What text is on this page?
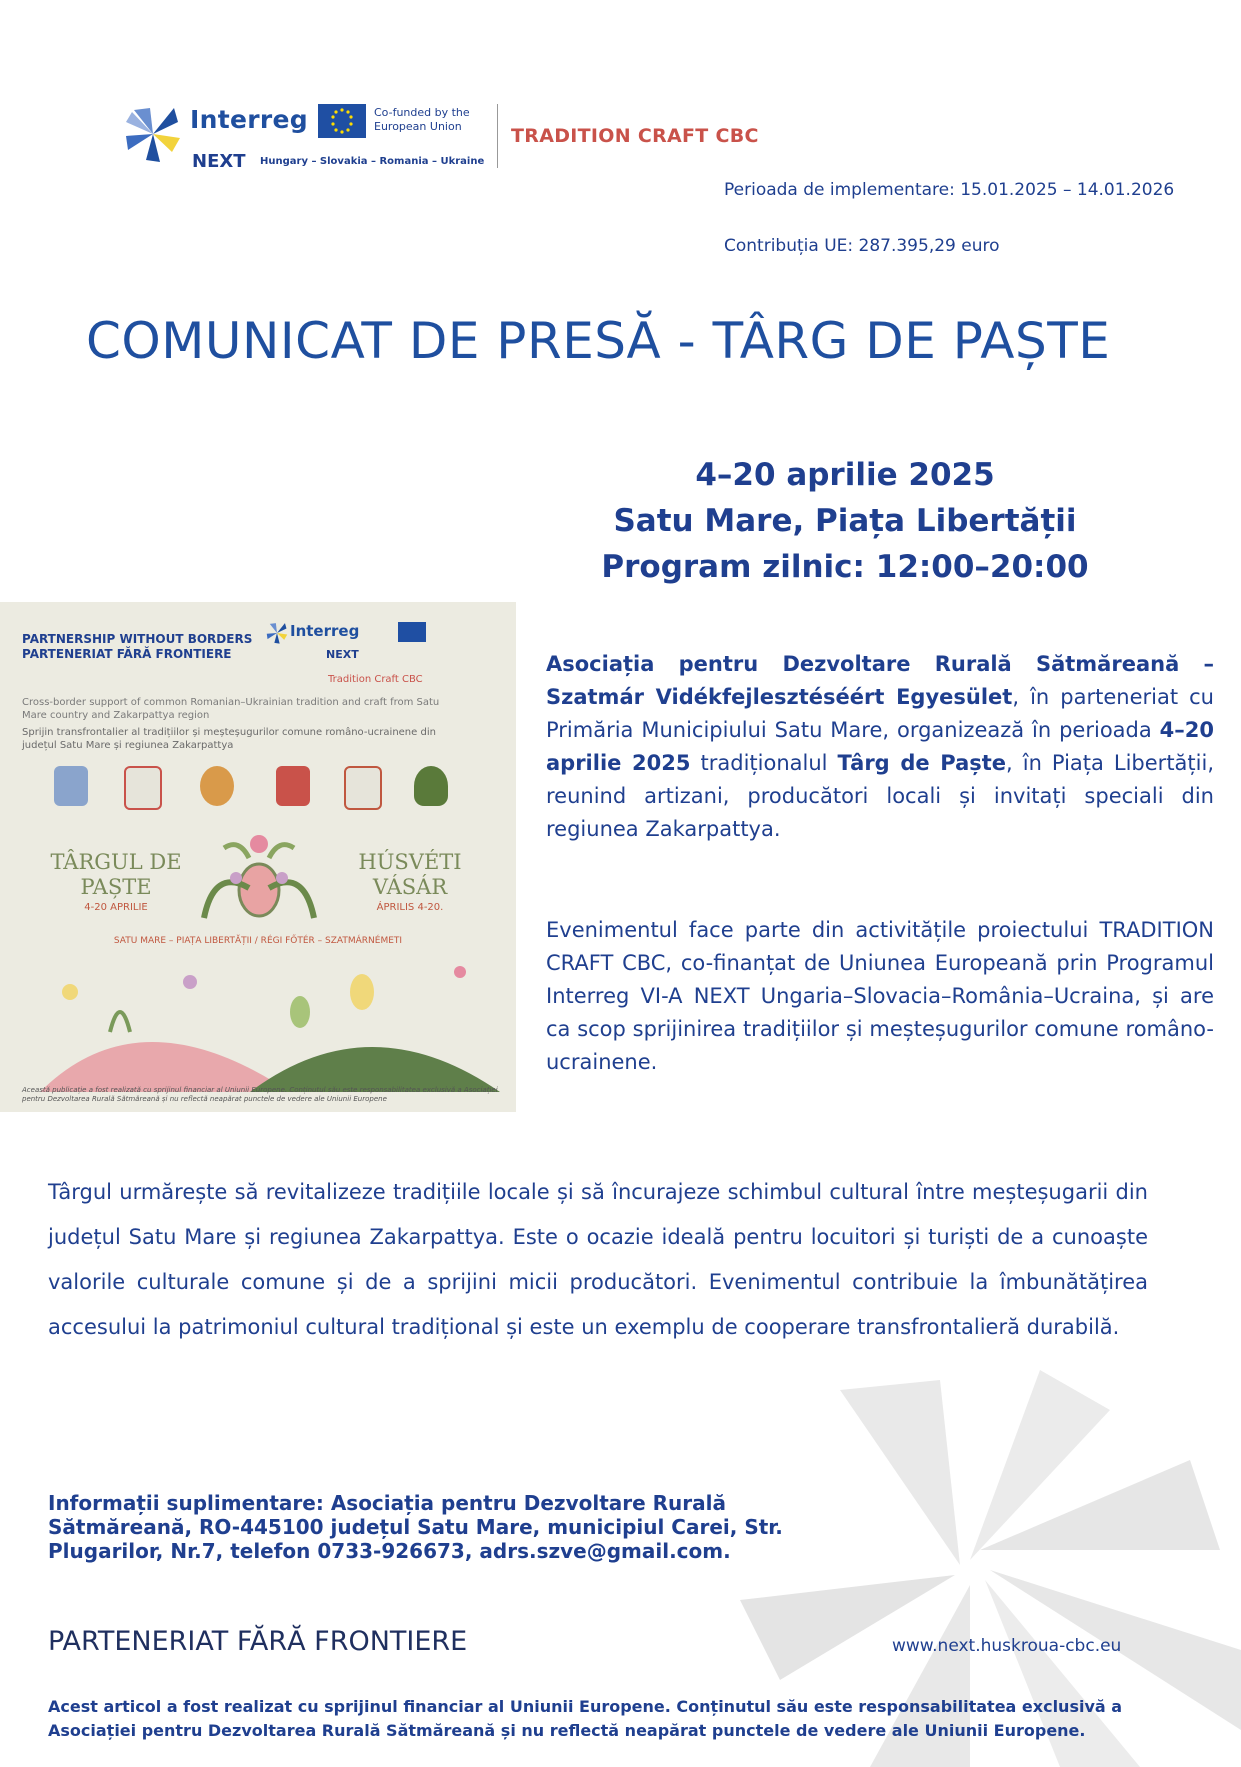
Interreg	Co-funded by the European Union
NEXT Hungary – Slovakia – Romania – Ukraine
TRADITION CRAFT CBC
Perioada de implementare: 15.01.2025 – 14.01.2026
Contribuția UE: 287.395,29 euro
COMUNICAT DE PRESĂ - TÂRG DE PAȘTE
4–20 aprilie 2025
Satu Mare, Piața Libertății
Program zilnic: 12:00–20:00
PARTNERSHIP WITHOUT BORDERS
PARTENERIAT FĂRĂ FRONTIERE
Interreg
NEXT
Tradition Craft CBC
Cross-border support of common Romanian–Ukrainian tradition and craft from Satu Mare country and Zakarpattya region
Sprijin transfrontalier al tradițiilor și meșteșugurilor comune româno-ucrainene din județul Satu Mare și regiunea Zakarpattya
TÂRGUL DE PAȘTE
4-20 APRILIE
HÚSVÉTI VÁSÁR
ÁPRILIS 4-20.
SATU MARE – PIAȚA LIBERTĂȚII / RÉGI FŐTÉR – SZATMÁRNÉMETI
Această publicație a fost realizată cu sprijinul financiar al Uniunii Europene. Conținutul său este responsabilitatea exclusivă a Asociației pentru Dezvoltarea Rurală Sătmăreană și nu reflectă neapărat punctele de vedere ale Uniunii Europene
Asociația pentru Dezvoltare Rurală Sătmăreană – Szatmár Vidékfejlesztéséért Egyesület, în parteneriat cu Primăria Municipiului Satu Mare, organizează în perioada 4–20 aprilie 2025 tradiționalul Târg de Paște, în Piața Libertății, reunind artizani, producători locali și invitați speciali din regiunea Zakarpattya.
Evenimentul face parte din activitățile proiectului TRADITION CRAFT CBC, co-finanțat de Uniunea Europeană prin Programul Interreg VI-A NEXT Ungaria–Slovacia–România–Ucraina, și are ca scop sprijinirea tradițiilor și meșteșugurilor comune româno-ucrainene.
Târgul urmărește să revitalizeze tradițiile locale și să încurajeze schimbul cultural între meșteșugarii din județul Satu Mare și regiunea Zakarpattya. Este o ocazie ideală pentru locuitori și turiști de a cunoaște valorile culturale comune și de a sprijini micii producători. Evenimentul contribuie la îmbunătățirea accesului la patrimoniul cultural tradițional și este un exemplu de cooperare transfrontalieră durabilă.
Informații suplimentare: Asociația pentru Dezvoltare Rurală Sătmăreană, RO-445100 județul Satu Mare, municipiul Carei, Str. Plugarilor, Nr.7, telefon 0733-926673, adrs.szve@gmail.com.
PARTENERIAT FĂRĂ FRONTIERE	www.next.huskroua-cbc.eu
Acest articol a fost realizat cu sprijinul financiar al Uniunii Europene. Conținutul său este responsabilitatea exclusivă a Asociației pentru Dezvoltarea Rurală Sătmăreană și nu reflectă neapărat punctele de vedere ale Uniunii Europene.
